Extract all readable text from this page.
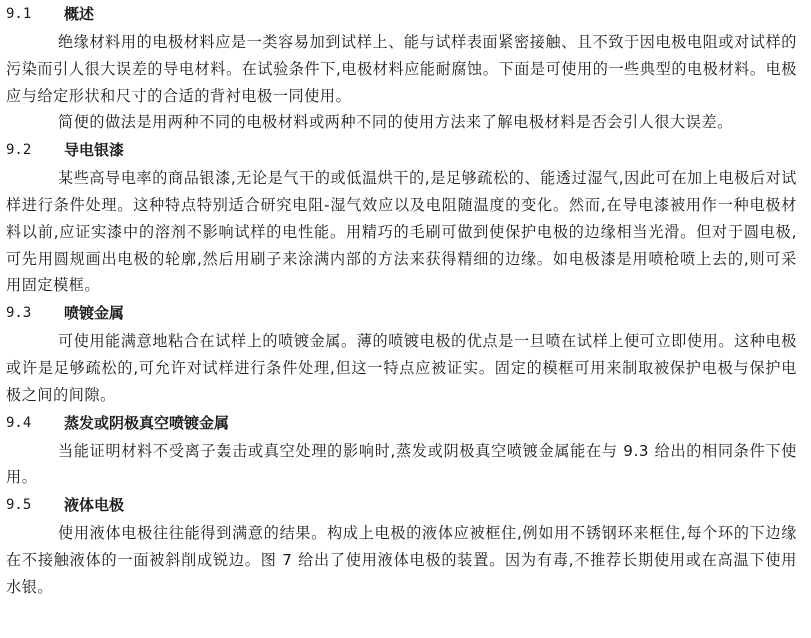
9.1 概述

绝缘材料用的电极材料应是一类容易加到试样上、能与试样表面紧密接触、且不致于因电极电阻或对试样的污染而引人很大误差的导电材料。在试验条件下,电极材料应能耐腐蚀。下面是可使用的一些典型的电极材料。电极应与给定形状和尺寸的合适的背衬电极一同使用。

简便的做法是用两种不同的电极材料或两种不同的使用方法来了解电极材料是否会引人很大误差。

9.2 导电银漆

某些高导电率的商品银漆,无论是气干的或低温烘干的,是足够疏松的、能透过湿气,因此可在加上电极后对试样进行条件处理。这种特点特别适合研究电阻-湿气效应以及电阻随温度的变化。然而,在导电漆被用作一种电极材料以前,应证实漆中的溶剂不影响试样的电性能。用精巧的毛刷可做到使保护电极的边缘相当光滑。但对于圆电极,可先用圆规画出电极的轮廓,然后用刷子来涂满内部的方法来获得精细的边缘。如电极漆是用喷枪喷上去的,则可采用固定模框。

9.3 喷镀金属

可使用能满意地粘合在试样上的喷镀金属。薄的喷镀电极的优点是一旦喷在试样上便可立即使用。这种电极或许是足够疏松的,可允许对试样进行条件处理,但这一特点应被证实。固定的模框可用来制取被保护电极与保护电极之间的间隙。

9.4 蒸发或阴极真空喷镀金属

当能证明材料不受离子轰击或真空处理的影响时,蒸发或阴极真空喷镀金属能在与 9.3 给出的相同条件下使用。

9.5 液体电极

使用液体电极往往能得到满意的结果。构成上电极的液体应被框住,例如用不锈钢环来框住,每个环的下边缘在不接触液体的一面被斜削成锐边。图 7 给出了使用液体电极的装置。因为有毒,不推荐长期使用或在高温下使用水银。
